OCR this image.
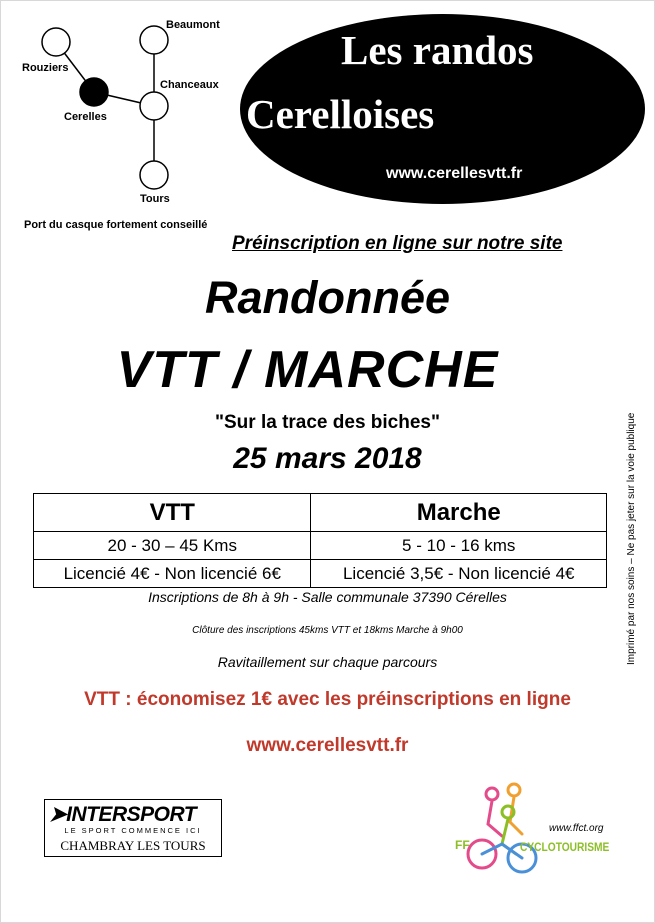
Beaumont
Rouziers
Chanceaux
Cerelles
Tours
Les randos
Cerelloises
www.cerellesvtt.fr
Port du casque fortement conseillé
Préinscription en ligne sur notre site
Randonnée
VTT / MARCHE
"Sur la trace des biches"
25 mars 2018
VTT	Marche
20 - 30 – 45 Kms	5 - 10 - 16 kms
Licencié 4€ - Non licencié 6€	Licencié 3,5€ - Non licencié 4€
Inscriptions de 8h à 9h - Salle communale 37390 Cérelles
Clôture des inscriptions 45kms VTT et 18kms Marche à 9h00
Ravitaillement sur chaque parcours
VTT : économisez 1€ avec les préinscriptions en ligne
www.cerellesvtt.fr
Imprimé par nos soins – Ne pas jeter sur la voie publique
➤INTERSPORT
LE SPORT COMMENCE ICI
CHAMBRAY LES TOURS
www.ffct.org
FF	CYCLOTOURISME
